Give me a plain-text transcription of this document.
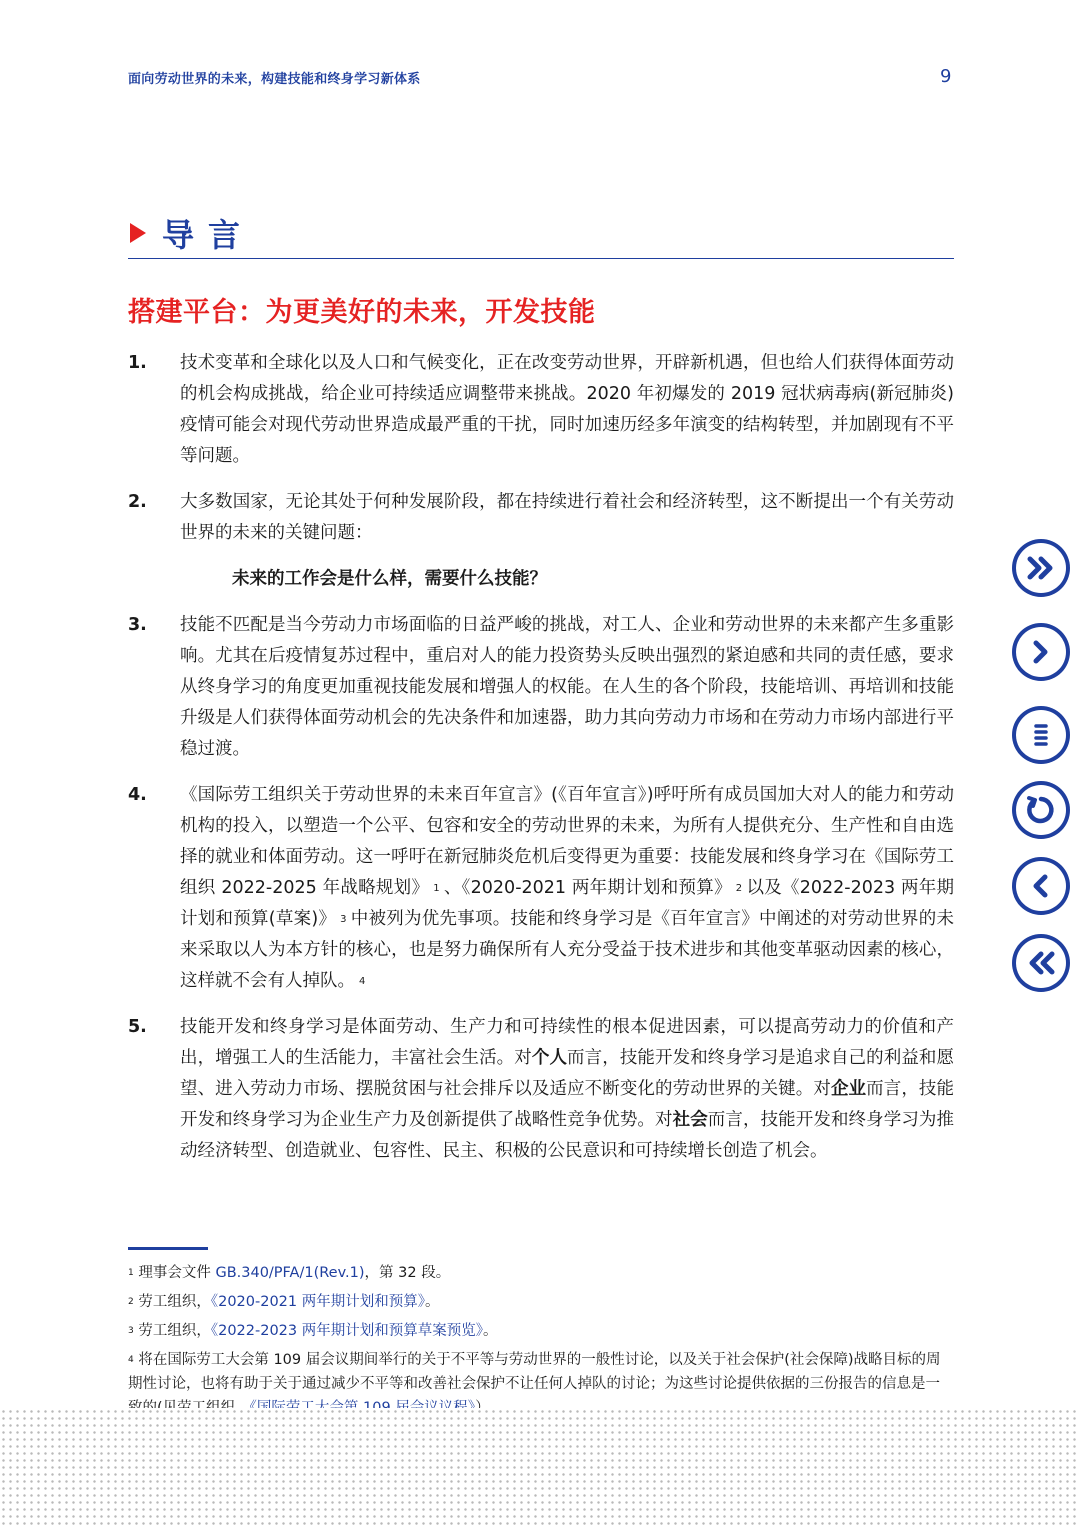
面向劳动世界的未来，构建技能和终身学习新体系	9
导言
搭建平台：为更美好的未来，开发技能
1. 技术变革和全球化以及人口和气候变化，正在改变劳动世界，开辟新机遇，但也给人们获得体面劳动的机会构成挑战，给企业可持续适应调整带来挑战。2020 年初爆发的 2019 冠状病毒病(新冠肺炎)疫情可能会对现代劳动世界造成最严重的干扰，同时加速历经多年演变的结构转型，并加剧现有不平等问题。
2. 大多数国家，无论其处于何种发展阶段，都在持续进行着社会和经济转型，这不断提出一个有关劳动世界的未来的关键问题：
未来的工作会是什么样，需要什么技能？
3. 技能不匹配是当今劳动力市场面临的日益严峻的挑战，对工人、企业和劳动世界的未来都产生多重影响。尤其在后疫情复苏过程中，重启对人的能力投资势头反映出强烈的紧迫感和共同的责任感，要求从终身学习的角度更加重视技能发展和增强人的权能。在人生的各个阶段，技能培训、再培训和技能升级是人们获得体面劳动机会的先决条件和加速器，助力其向劳动力市场和在劳动力市场内部进行平稳过渡。
4. 《国际劳工组织关于劳动世界的未来百年宣言》(《百年宣言》)呼吁所有成员国加大对人的能力和劳动机构的投入，以塑造一个公平、包容和安全的劳动世界的未来，为所有人提供充分、生产性和自由选择的就业和体面劳动。这一呼吁在新冠肺炎危机后变得更为重要：技能发展和终身学习在《国际劳工组织 2022-2025 年战略规划》 $^1$ 、《2020-2021 两年期计划和预算》 $^2$ 以及《2022-2023 两年期计划和预算(草案)》 $^3$ 中被列为优先事项。技能和终身学习是《百年宣言》中阐述的对劳动世界的未来采取以人为本方针的核心，也是努力确保所有人充分受益于技术进步和其他变革驱动因素的核心，这样就不会有人掉队。 $^4$
5. 技能开发和终身学习是体面劳动、生产力和可持续性的根本促进因素，可以提高劳动力的价值和产出，增强工人的生活能力，丰富社会生活。对个人而言，技能开发和终身学习是追求自己的利益和愿望、进入劳动力市场、摆脱贫困与社会排斥以及适应不断变化的劳动世界的关键。对企业而言，技能开发和终身学习为企业生产力及创新提供了战略性竞争优势。对社会而言，技能开发和终身学习为推动经济转型、创造就业、包容性、民主、积极的公民意识和可持续增长创造了机会。
$^1$ 理事会文件 GB.340/PFA/1(Rev.1)，第 32 段。
$^2$ 劳工组织，《2020-2021 两年期计划和预算》。
$^3$ 劳工组织，《2022-2023 两年期计划和预算草案预览》。
$^4$ 将在国际劳工大会第 109 届会议期间举行的关于不平等与劳动世界的一般性讨论，以及关于社会保护(社会保障)战略目标的周期性讨论，也将有助于关于通过减少不平等和改善社会保护不让任何人掉队的讨论；为这些讨论提供依据的三份报告的信息是一
